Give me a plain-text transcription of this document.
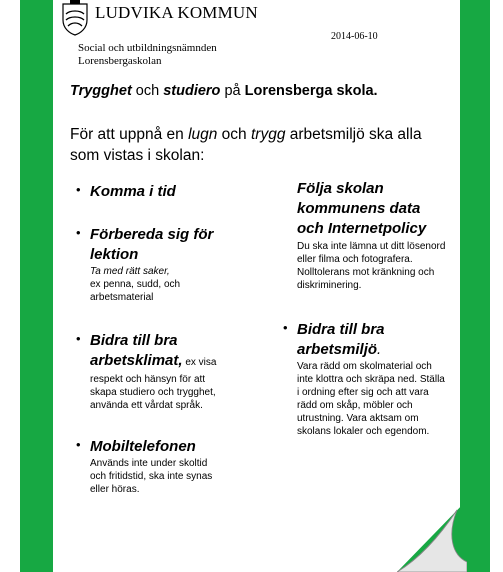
LUDVIKA KOMMUN
Social och utbildningsnämnden
Lorensbergaskolan
2014-06-10
Trygghet och studiero på Lorensberga skola.
För att uppnå en lugn och trygg arbetsmiljö ska alla som vistas i skolan:
• Komma i tid
• Förbereda sig för lektion
Ta med rätt saker,
ex penna, sudd, och arbetsmaterial
• Bidra till bra arbetsklimat, ex visa
respekt och hänsyn för att skapa studiero och trygghet, använda ett vårdat språk.
• Mobiltelefonen
Används inte under skoltid och fritidstid, ska inte synas eller höras.
Följa skolan kommunens data och Internetpolicy
Du ska inte lämna ut ditt lösenord eller filma och fotografera. Nolltolerans mot kränkning och diskriminering.
• Bidra till bra arbetsmiljö.
Vara rädd om skolmaterial och inte klottra och skräpa ned. Ställa i ordning efter sig och att vara rädd om skåp, möbler och utrustning. Vara aktsam om skolans lokaler och egendom.
